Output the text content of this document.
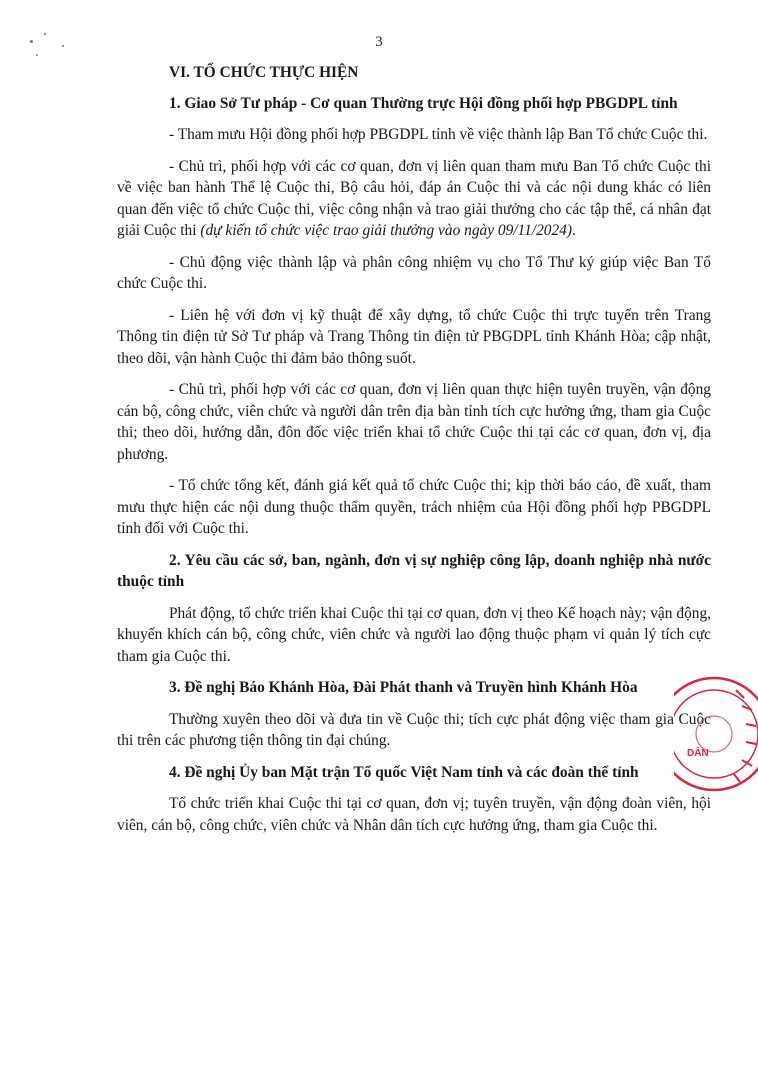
3
VI. TỔ CHỨC THỰC HIỆN
1. Giao Sở Tư pháp - Cơ quan Thường trực Hội đồng phối hợp PBGDPL tỉnh

- Tham mưu Hội đồng phối hợp PBGDPL tỉnh về việc thành lập Ban Tổ chức Cuộc thi.

- Chủ trì, phối hợp với các cơ quan, đơn vị liên quan tham mưu Ban Tổ chức Cuộc thi về việc ban hành Thể lệ Cuộc thi, Bộ câu hỏi, đáp án Cuộc thi và các nội dung khác có liên quan đến việc tổ chức Cuộc thi, việc công nhận và trao giải thưởng cho các tập thể, cá nhân đạt giải Cuộc thi (dự kiến tổ chức việc trao giải thưởng vào ngày 09/11/2024).

- Chủ động việc thành lập và phân công nhiệm vụ cho Tổ Thư ký giúp việc Ban Tổ chức Cuộc thi.

- Liên hệ với đơn vị kỹ thuật để xây dựng, tổ chức Cuộc thi trực tuyến trên Trang Thông tin điện tử Sở Tư pháp và Trang Thông tin điện tử PBGDPL tỉnh Khánh Hòa; cập nhật, theo dõi, vận hành Cuộc thi đảm bảo thông suốt.

- Chủ trì, phối hợp với các cơ quan, đơn vị liên quan thực hiện tuyên truyền, vận động cán bộ, công chức, viên chức và người dân trên địa bàn tỉnh tích cực hưởng ứng, tham gia Cuộc thi; theo dõi, hướng dẫn, đôn đốc việc triển khai tổ chức Cuộc thi tại các cơ quan, đơn vị, địa phương.

- Tổ chức tổng kết, đánh giá kết quả tổ chức Cuộc thi; kịp thời báo cáo, đề xuất, tham mưu thực hiện các nội dung thuộc thẩm quyền, trách nhiệm của Hội đồng phối hợp PBGDPL tỉnh đối với Cuộc thi.

2. Yêu cầu các sở, ban, ngành, đơn vị sự nghiệp công lập, doanh nghiệp nhà nước thuộc tỉnh

Phát động, tổ chức triển khai Cuộc thi tại cơ quan, đơn vị theo Kế hoạch này; vận động, khuyến khích cán bộ, công chức, viên chức và người lao động thuộc phạm vi quản lý tích cực tham gia Cuộc thi.

3. Đề nghị Báo Khánh Hòa, Đài Phát thanh và Truyền hình Khánh Hòa

Thường xuyên theo dõi và đưa tin về Cuộc thi; tích cực phát động việc tham gia Cuộc thi trên các phương tiện thông tin đại chúng.

4. Đề nghị Ủy ban Mặt trận Tổ quốc Việt Nam tỉnh và các đoàn thể tỉnh

Tổ chức triển khai Cuộc thi tại cơ quan, đơn vị; tuyên truyền, vận động đoàn viên, hội viên, cán bộ, công chức, viên chức và Nhân dân tích cực hưởng ứng, tham gia Cuộc thi.

DÂN
